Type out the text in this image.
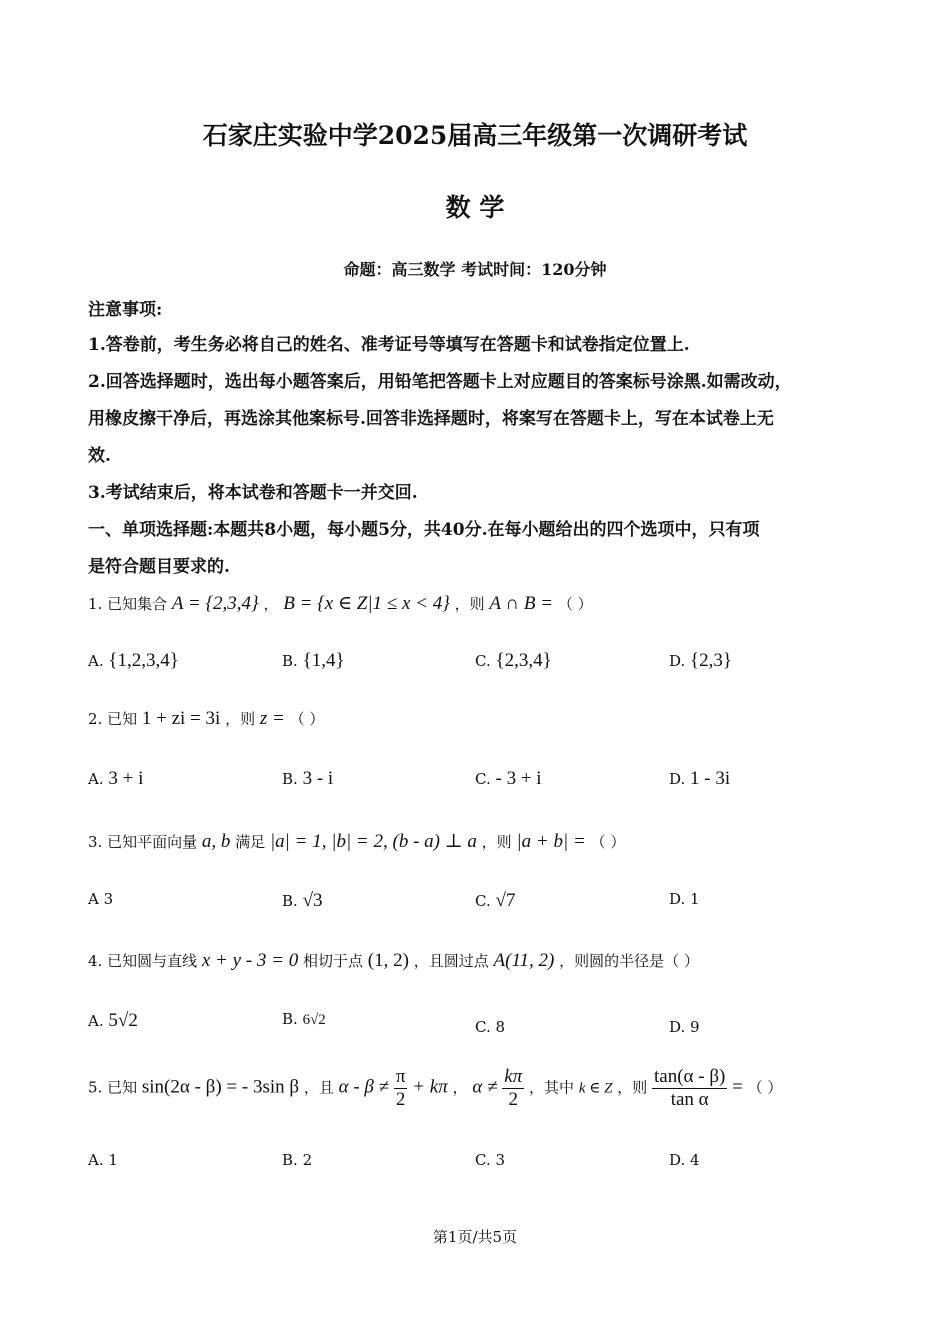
石家庄实验中学2025届高三年级第一次调研考试
数 学
命题：高三数学 考试时间：120分钟
注意事项:
1.答卷前，考生务必将自己的姓名、准考证号等填写在答题卡和试卷指定位置上.
2.回答选择题时，选出每小题答案后，用铅笔把答题卡上对应题目的答案标号涂黑.如需改动，
用橡皮擦干净后，再选涂其他案标号.回答非选择题时，将案写在答题卡上，写在本试卷上无
效.
3.考试结束后，将本试卷和答题卡一并交回.
一、单项选择题:本题共8小题，每小题5分，共40分.在每小题给出的四个选项中，只有项
是符合题目要求的.
1. 已知集合 A = {2,3,4} ， B = {x ∈ Z|1 ≤ x < 4} ，则 A ∩ B = （ ）
A. {1,2,3,4}	B. {1,4}	C. {2,3,4}	D. {2,3}
2. 已知 1 + zi = 3i ，则 z = （ ）
A. 3 + i	B. 3 - i	C. - 3 + i	D. 1 - 3i
3. 已知平面向量 a, b 满足 |a| = 1, |b| = 2, (b - a) ⊥ a ，则 |a + b| = （ ）
A 3	B. √3	C. √7	D. 1
4. 已知圆与直线 x + y - 3 = 0 相切于点 (1, 2) ，且圆过点 A(11, 2) ，则圆的半径是（ ）
A. 5√2	B. 6√2	C. 8	D. 9
5. 已知 sin(2α - β) = - 3sin β ，且 $\alpha - \beta \ne \frac{\pi}{2} + k\pi$ ， $\alpha \ne \frac{k\pi}{2}$ ，其中 k ∈ Z ，则 $\frac{\tan(\alpha - \beta)}{\text{tan α}}$ = （ ）
A. 1	B. 2	C. 3	D. 4
第1页/共5页
